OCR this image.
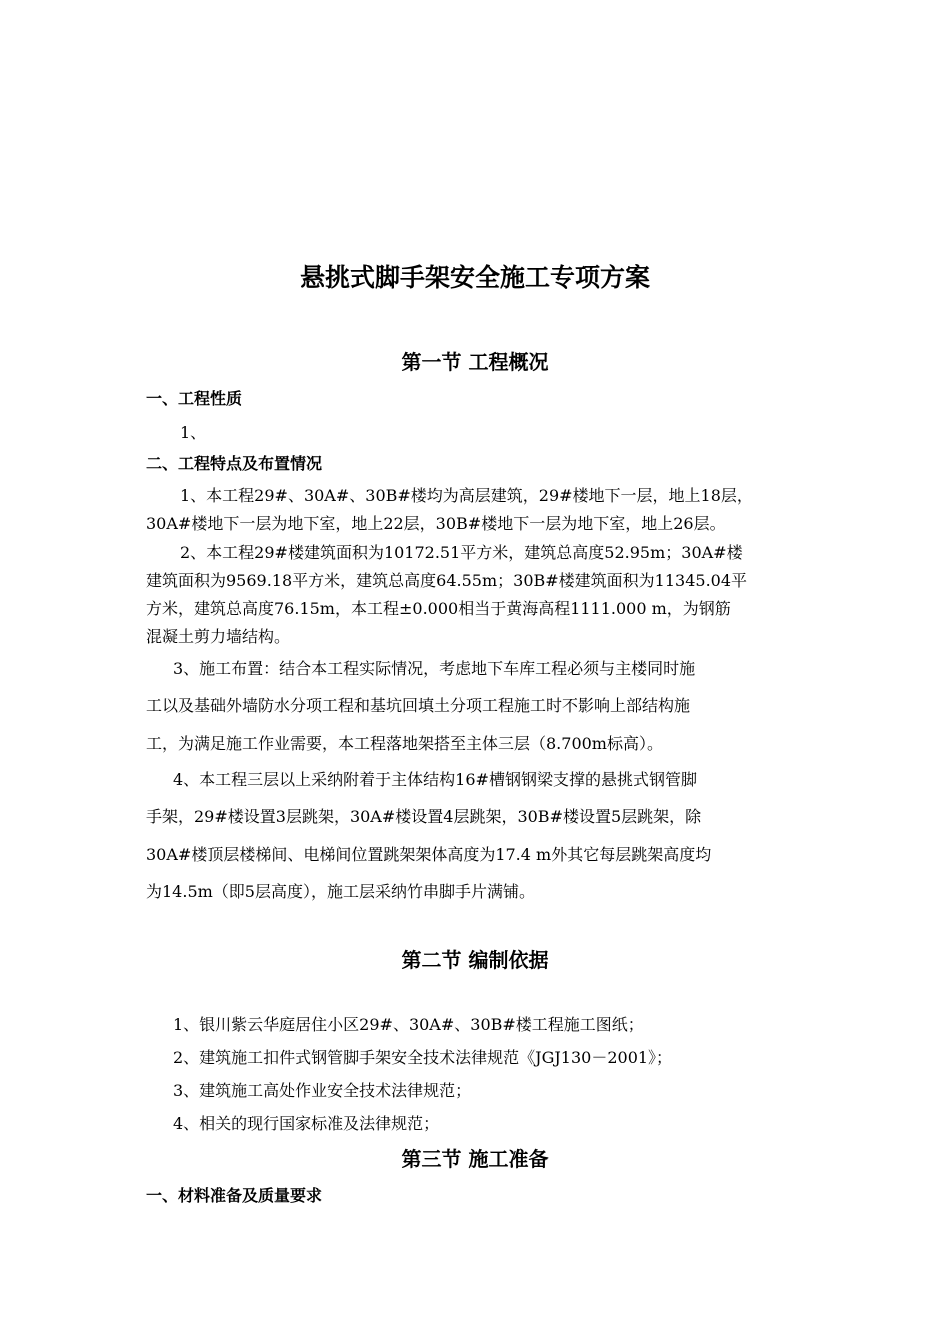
悬挑式脚手架安全施工专项方案
第一节 工程概况
一、工程性质
1、
二、工程特点及布置情况
1、本工程29#、30A#、30B#楼均为高层建筑，29#楼地下一层，地上18层，
30A#楼地下一层为地下室，地上22层，30B#楼地下一层为地下室，地上26层。
2、本工程29#楼建筑面积为10172.51平方米，建筑总高度52.95m；30A#楼
建筑面积为9569.18平方米，建筑总高度64.55m；30B#楼建筑面积为11345.04平
方米，建筑总高度76.15m，本工程±0.000相当于黄海高程1111.000 m，为钢筋
混凝土剪力墙结构。
3、施工布置：结合本工程实际情况，考虑地下车库工程必须与主楼同时施
工以及基础外墙防水分项工程和基坑回填土分项工程施工时不影响上部结构施
工，为满足施工作业需要，本工程落地架搭至主体三层（8.700m标高）。
4、本工程三层以上采纳附着于主体结构16#槽钢钢梁支撑的悬挑式钢管脚
手架，29#楼设置3层跳架，30A#楼设置4层跳架，30B#楼设置5层跳架，除
30A#楼顶层楼梯间、电梯间位置跳架架体高度为17.4 m外其它每层跳架高度均
为14.5m（即5层高度），施工层采纳竹串脚手片满铺。
第二节 编制依据
1、银川紫云华庭居住小区29#、30A#、30B#楼工程施工图纸；
2、建筑施工扣件式钢管脚手架安全技术法律规范《JGJ130－2001》；
3、建筑施工高处作业安全技术法律规范；
4、相关的现行国家标准及法律规范；
第三节 施工准备
一、材料准备及质量要求
